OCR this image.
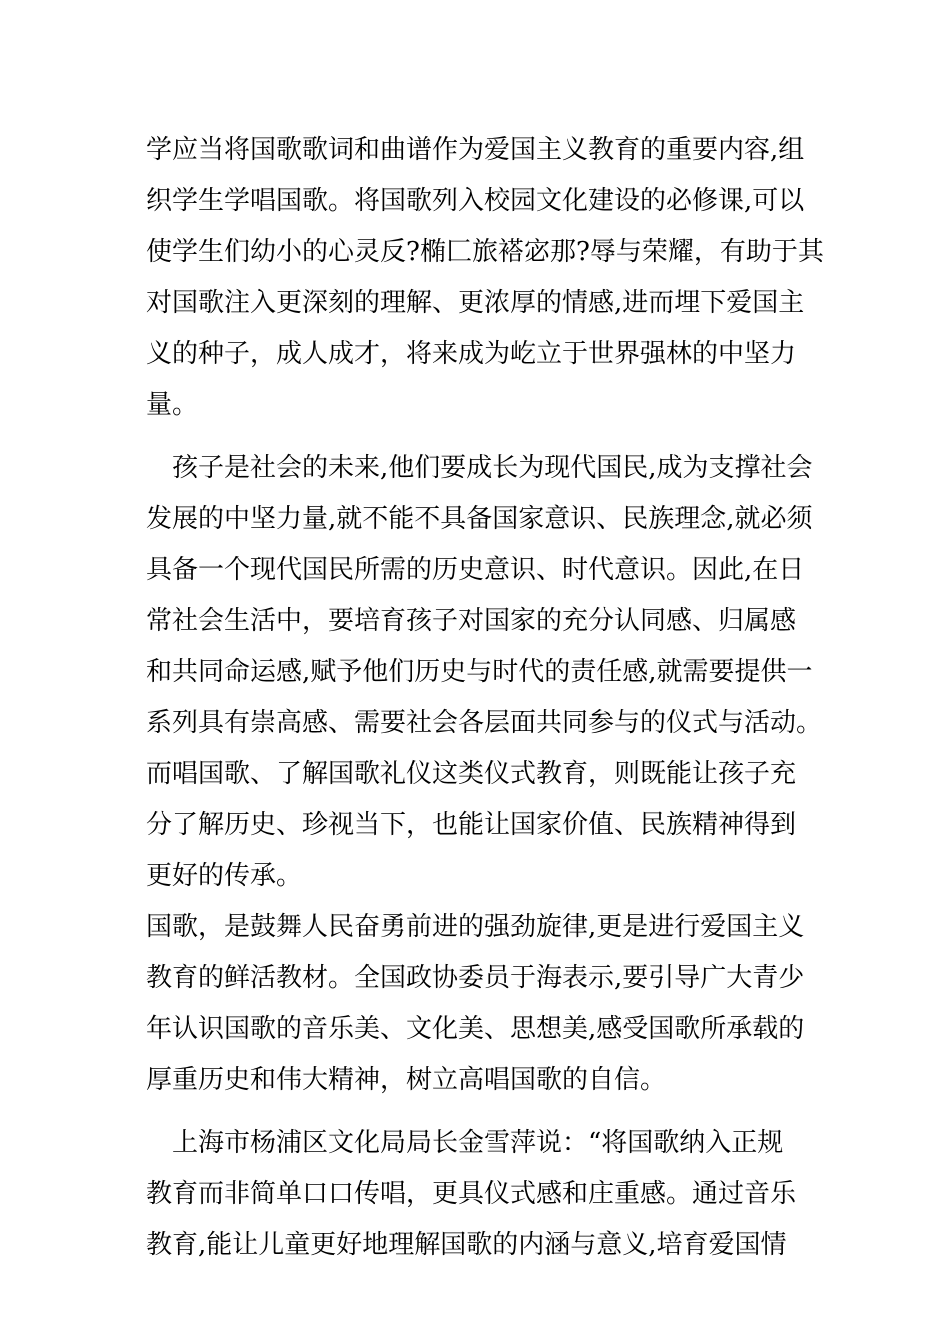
学应当将国歌歌词和曲谱作为爱国主义教育的重要内容,组
织学生学唱国歌。将国歌列入校园文化建设的必修课,可以
使学生们幼小的心灵反?椭匚旅褡宓那?辱与荣耀，有助于其
对国歌注入更深刻的理解、更浓厚的情感,进而埋下爱国主
义的种子，成人成才，将来成为屹立于世界强林的中坚力
量。
　孩子是社会的未来,他们要成长为现代国民,成为支撑社会
发展的中坚力量,就不能不具备国家意识、民族理念,就必须
具备一个现代国民所需的历史意识、时代意识。因此,在日
常社会生活中，要培育孩子对国家的充分认同感、归属感
和共同命运感,赋予他们历史与时代的责任感,就需要提供一
系列具有崇高感、需要社会各层面共同参与的仪式与活动。
而唱国歌、了解国歌礼仪这类仪式教育，则既能让孩子充
分了解历史、珍视当下，也能让国家价值、民族精神得到
更好的传承。
国歌，是鼓舞人民奋勇前进的强劲旋律,更是进行爱国主义
教育的鲜活教材。全国政协委员于海表示,要引导广大青少
年认识国歌的音乐美、文化美、思想美,感受国歌所承载的
厚重历史和伟大精神，树立高唱国歌的自信。
　上海市杨浦区文化局局长金雪萍说：“将国歌纳入正规
教育而非简单口口传唱，更具仪式感和庄重感。通过音乐
教育,能让儿童更好地理解国歌的内涵与意义,培育爱国情
